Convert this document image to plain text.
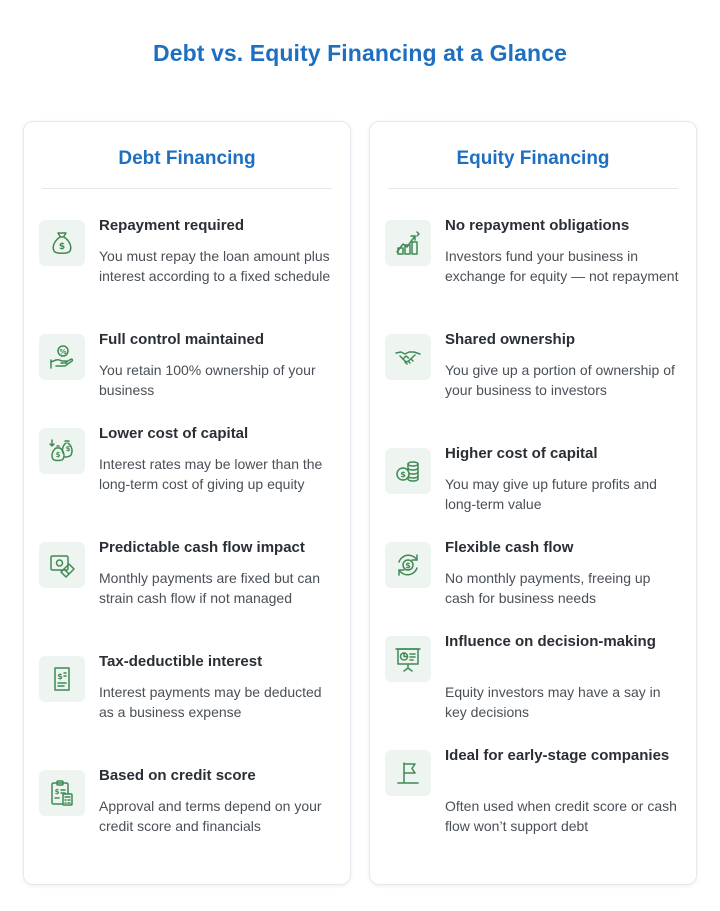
Debt vs. Equity Financing at a Glance
Debt Financing
$
Repayment required
You must repay the loan amount plus interest according to a fixed schedule
%
Full control maintained
You retain 100% ownership of your business
$
$
Lower cost of capital
Interest rates may be lower than the long-term cost of giving up equity
Predictable cash flow impact
Monthly payments are fixed but can strain cash flow if not managed
$
Tax-deductible interest
Interest payments may be deducted as a business expense
$
Based on credit score
Approval and terms depend on your credit score and financials
Equity Financing
No repayment obligations
Investors fund your business in exchange for equity — not repayment
Shared ownership
You give up a portion of ownership of your business to investors
$
Higher cost of capital
You may give up future profits and long-term value
$
Flexible cash flow
No monthly payments, freeing up cash for business needs
Influence on decision-making
Equity investors may have a say in key decisions
Ideal for early-stage companies
Often used when credit score or cash flow won’t support debt
